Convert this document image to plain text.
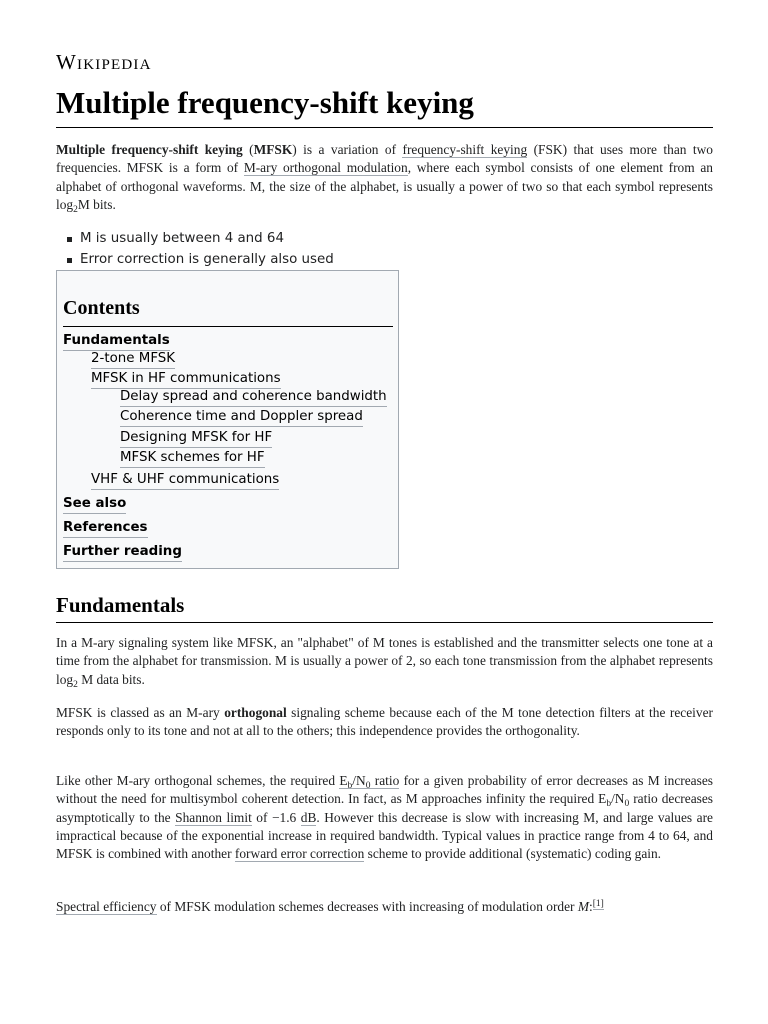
Wikipedia
Multiple frequency-shift keying

Multiple frequency-shift keying (MFSK) is a variation of frequency-shift keying (FSK) that uses more than two frequencies. MFSK is a form of M-ary orthogonal modulation, where each symbol consists of one element from an alphabet of orthogonal waveforms. M, the size of the alphabet, is usually a power of two so that each symbol represents $\log_2M$ bits.

M is usually between 4 and 64
Error correction is generally also used
Contents
Fundamentals
2-tone MFSK
MFSK in HF communications
Delay spread and coherence bandwidth
Coherence time and Doppler spread
Designing MFSK for HF
MFSK schemes for HF
VHF & UHF communications
See also
References
Further reading
Fundamentals

In a M-ary signaling system like MFSK, an "alphabet" of M tones is established and the transmitter selects one tone at a time from the alphabet for transmission. M is usually a power of 2, so each tone transmission from the alphabet represents $\log_2 M$ data bits.

MFSK is classed as an M-ary orthogonal signaling scheme because each of the M tone detection filters at the receiver responds only to its tone and not at all to the others; this independence provides the orthogonality.

Like other M-ary orthogonal schemes, the required $E_b/N_0$ ratio for a given probability of error decreases as M increases without the need for multisymbol coherent detection. In fact, as M approaches infinity the required $E_b/N_0$ ratio decreases asymptotically to the Shannon limit of −1.6 dB. However this decrease is slow with increasing M, and large values are impractical because of the exponential increase in required bandwidth. Typical values in practice range from 4 to 64, and MFSK is combined with another forward error correction scheme to provide additional (systematic) coding gain.

Spectral efficiency of MFSK modulation schemes decreases with increasing of modulation order M:[1]
